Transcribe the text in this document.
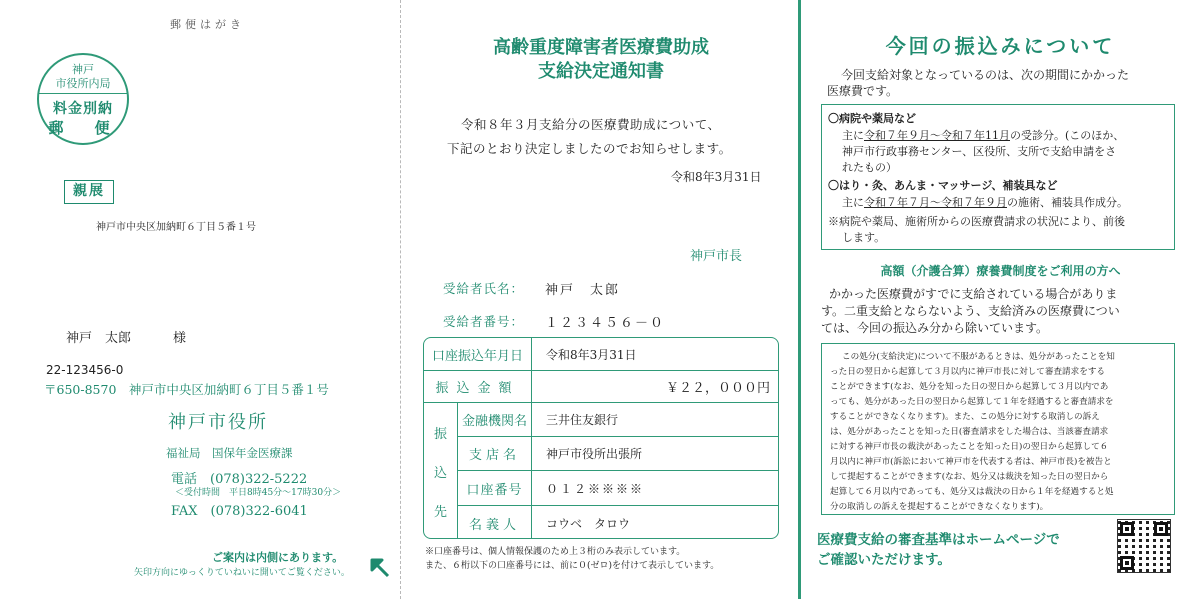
郵便はがき
神戸
市役所内局
料金別納
郵　便
親展
神戸市中央区加納町６丁目５番１号
神戸　太郎	様
22-123456-0
〒650-8570　神戸市中央区加納町６丁目５番１号
神戸市役所
福祉局　国保年金医療課
電話　(078)322-5222
＜受付時間　平日8時45分～17時30分＞
FAX　(078)322-6041
ご案内は内側にあります。
矢印方向にゆっくりていねいに開いてご覧ください。
高齢重度障害者医療費助成
支給決定通知書
令和８年３月支給分の医療費助成について、
下記のとおり決定しましたのでお知らせします。
令和8年3月31日
神戸市長
受給者氏名： 神戸　太郎
受給者番号： １２３４５６－０
口座振込年月日	令和8年3月31日
振込金額	￥２２，０００円
振
込
先
金融機関名	三井住友銀行
支店名	神戸市役所出張所
口座番号	０１２※※※※
名義人	コウベ　タロウ
※口座番号は、個人情報保護のため上３桁のみ表示しています。
また、６桁以下の口座番号には、前に０(ゼロ)を付けて表示しています。
今回の振込みについて
今回支給対象となっているのは、次の期間にかかった
医療費です。
〇病院や薬局など
主に令和７年９月～令和７年11月の受診分。(このほか、
神戸市行政事務センター、区役所、支所で支給申請をさ
れたもの）
〇はり・灸、あんま・マッサージ、補装具など
主に令和７年７月～令和７年９月の施術、補装具作成分。
※病院や薬局、施術所からの医療費請求の状況により、前後
します。
高額（介護合算）療養費制度をご利用の方へ
かかった医療費がすでに支給されている場合がありま
す。二重支給とならないよう、支給済みの医療費につい
ては、今回の振込み分から除いています。
この処分(支給決定)について不服があるときは、処分があったことを知
った日の翌日から起算して３月以内に神戸市長に対して審査請求をする
ことができます(なお、処分を知った日の翌日から起算して３月以内であ
っても、処分があった日の翌日から起算して１年を経過すると審査請求を
することができなくなります)。また、この処分に対する取消しの訴え
は、処分があったことを知った日(審査請求をした場合は、当該審査請求
に対する神戸市長の裁決があったことを知った日)の翌日から起算して６
月以内に神戸市(訴訟において神戸市を代表する者は、神戸市長)を被告と
して提起することができます(なお、処分又は裁決を知った日の翌日から
起算して６月以内であっても、処分又は裁決の日から１年を経過すると処
分の取消しの訴えを提起することができなくなります)。
医療費支給の審査基準はホームページで
ご確認いただけます。
